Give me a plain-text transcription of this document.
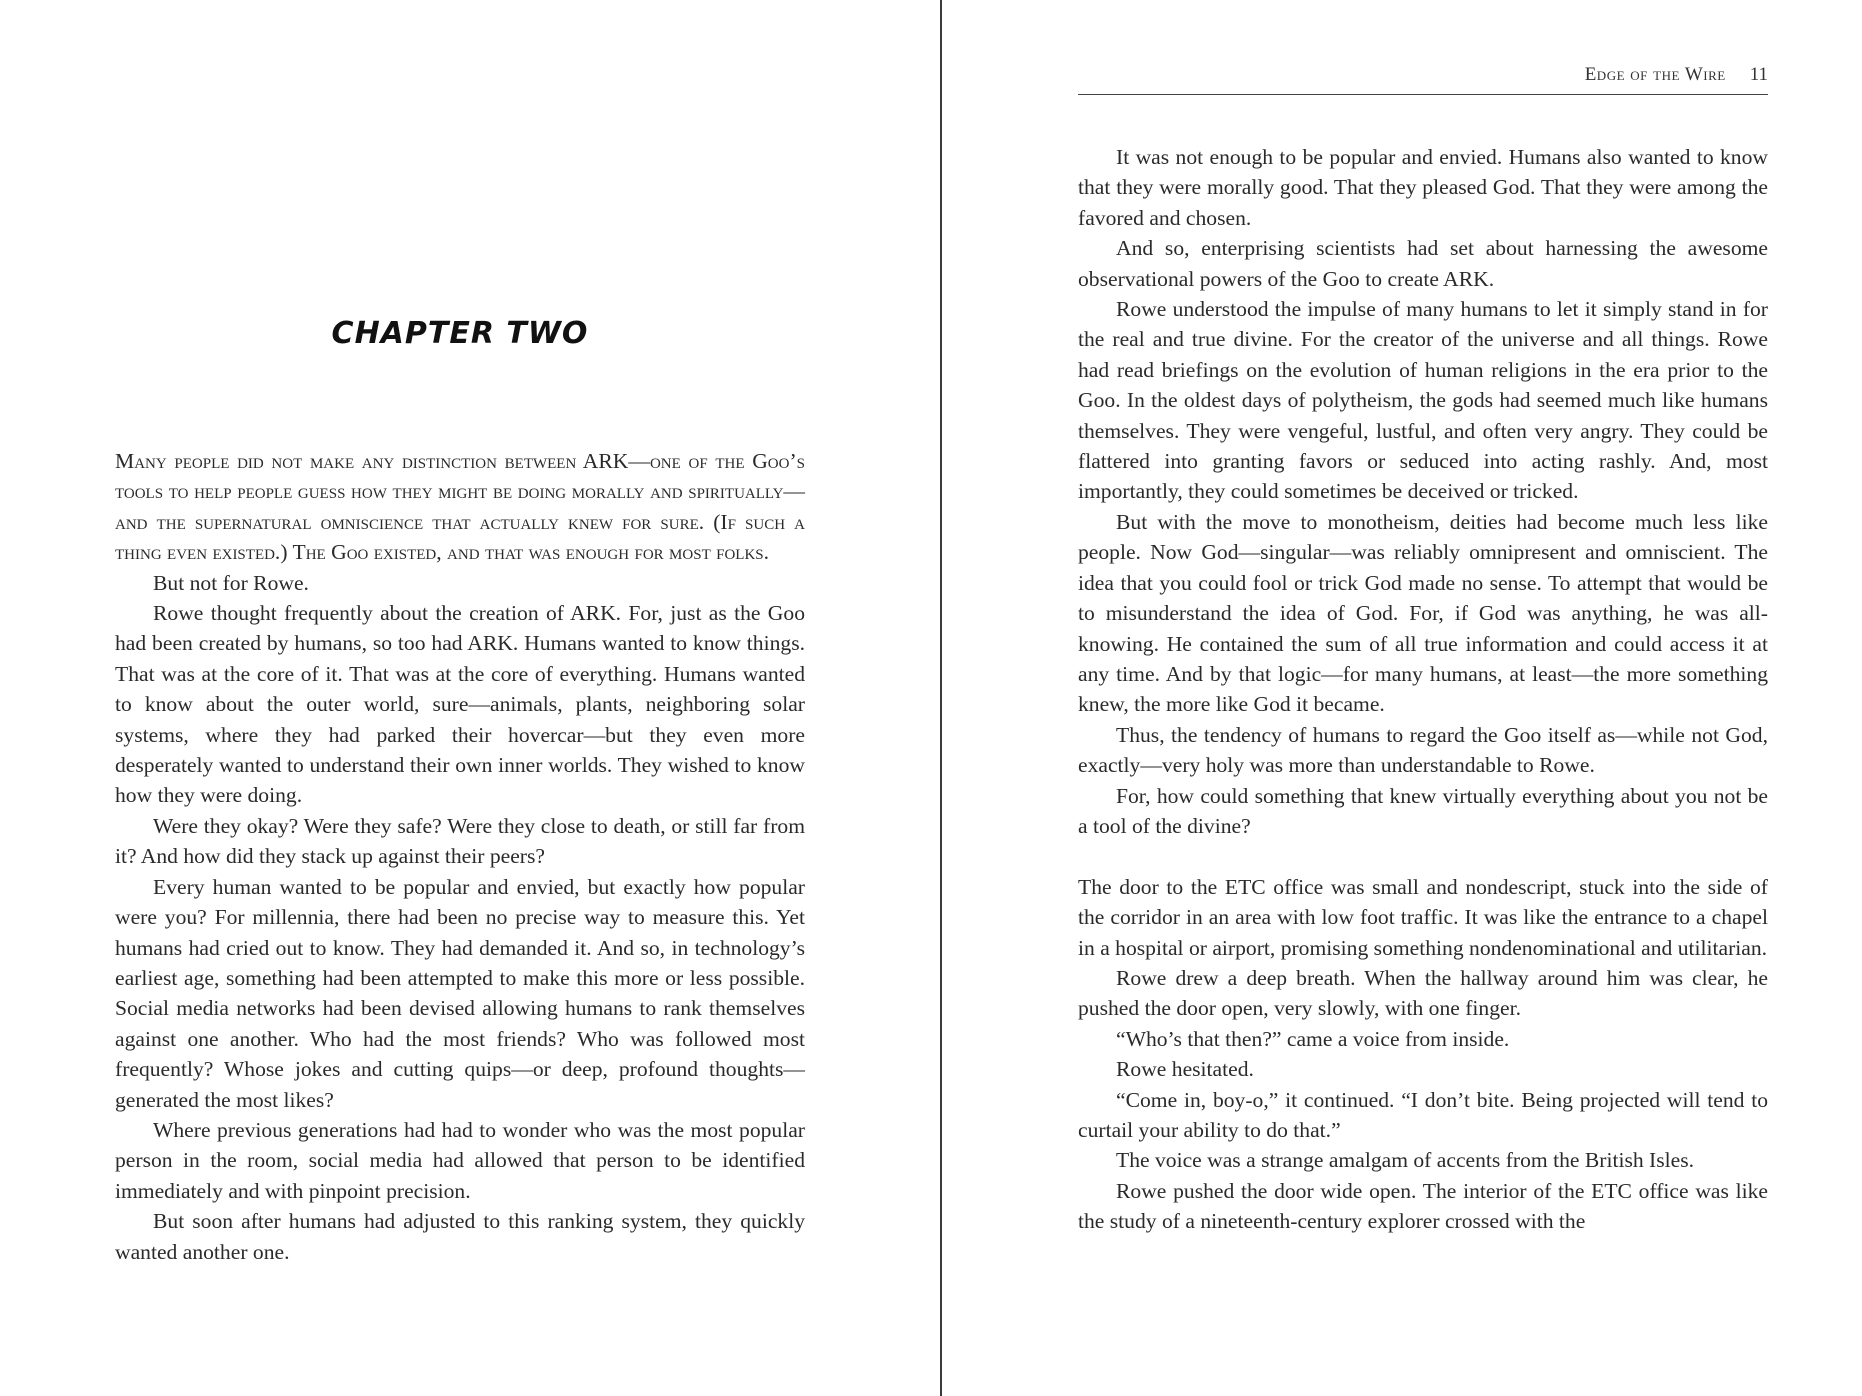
CHAPTER TWO

Many people did not make any distinction between ARK—one of the Goo’s tools to help people guess how they might be doing morally and spiritually—and the supernatural omniscience that actually knew for sure. (If such a thing even existed.) The Goo existed, and that was enough for most folks.

But not for Rowe.

Rowe thought frequently about the creation of ARK. For, just as the Goo had been created by humans, so too had ARK. Humans wanted to know things. That was at the core of it. That was at the core of everything. Humans wanted to know about the outer world, sure—animals, plants, neighboring solar systems, where they had parked their hovercar—but they even more desperately wanted to understand their own inner worlds. They wished to know how they were doing.

Were they okay? Were they safe? Were they close to death, or still far from it? And how did they stack up against their peers?

Every human wanted to be popular and envied, but exactly how popular were you? For millennia, there had been no precise way to measure this. Yet humans had cried out to know. They had demanded it. And so, in technology’s earliest age, something had been attempted to make this more or less possible. Social media networks had been devised allowing humans to rank themselves against one another. Who had the most friends? Who was followed most frequently? Whose jokes and cutting quips—or deep, profound thoughts—generated the most likes?

Where previous generations had had to wonder who was the most popular person in the room, social media had allowed that person to be identified immediately and with pinpoint precision.

But soon after humans had adjusted to this ranking system, they quickly wanted another one.

Edge of the Wire 11

It was not enough to be popular and envied. Humans also wanted to know that they were morally good. That they pleased God. That they were among the favored and chosen.

And so, enterprising scientists had set about harnessing the awesome observational powers of the Goo to create ARK.

Rowe understood the impulse of many humans to let it simply stand in for the real and true divine. For the creator of the universe and all things. Rowe had read briefings on the evolution of human religions in the era prior to the Goo. In the oldest days of polytheism, the gods had seemed much like humans themselves. They were vengeful, lustful, and often very angry. They could be flattered into granting favors or seduced into acting rashly. And, most importantly, they could sometimes be deceived or tricked.

But with the move to monotheism, deities had become much less like people. Now God—singular—was reliably omnipresent and omniscient. The idea that you could fool or trick God made no sense. To attempt that would be to misunderstand the idea of God. For, if God was anything, he was all-knowing. He contained the sum of all true information and could access it at any time. And by that logic—for many humans, at least—the more something knew, the more like God it became.

Thus, the tendency of humans to regard the Goo itself as—while not God, exactly—very holy was more than understandable to Rowe.

For, how could something that knew virtually everything about you not be a tool of the divine?

The door to the ETC office was small and nondescript, stuck into the side of the corridor in an area with low foot traffic. It was like the entrance to a chapel in a hospital or airport, promising something nondenominational and utilitarian.

Rowe drew a deep breath. When the hallway around him was clear, he pushed the door open, very slowly, with one finger.

“Who’s that then?” came a voice from inside.

Rowe hesitated.

“Come in, boy-o,” it continued. “I don’t bite. Being projected will tend to curtail your ability to do that.”

The voice was a strange amalgam of accents from the British Isles.

Rowe pushed the door wide open. The interior of the ETC office was like the study of a nineteenth-century explorer crossed with the
